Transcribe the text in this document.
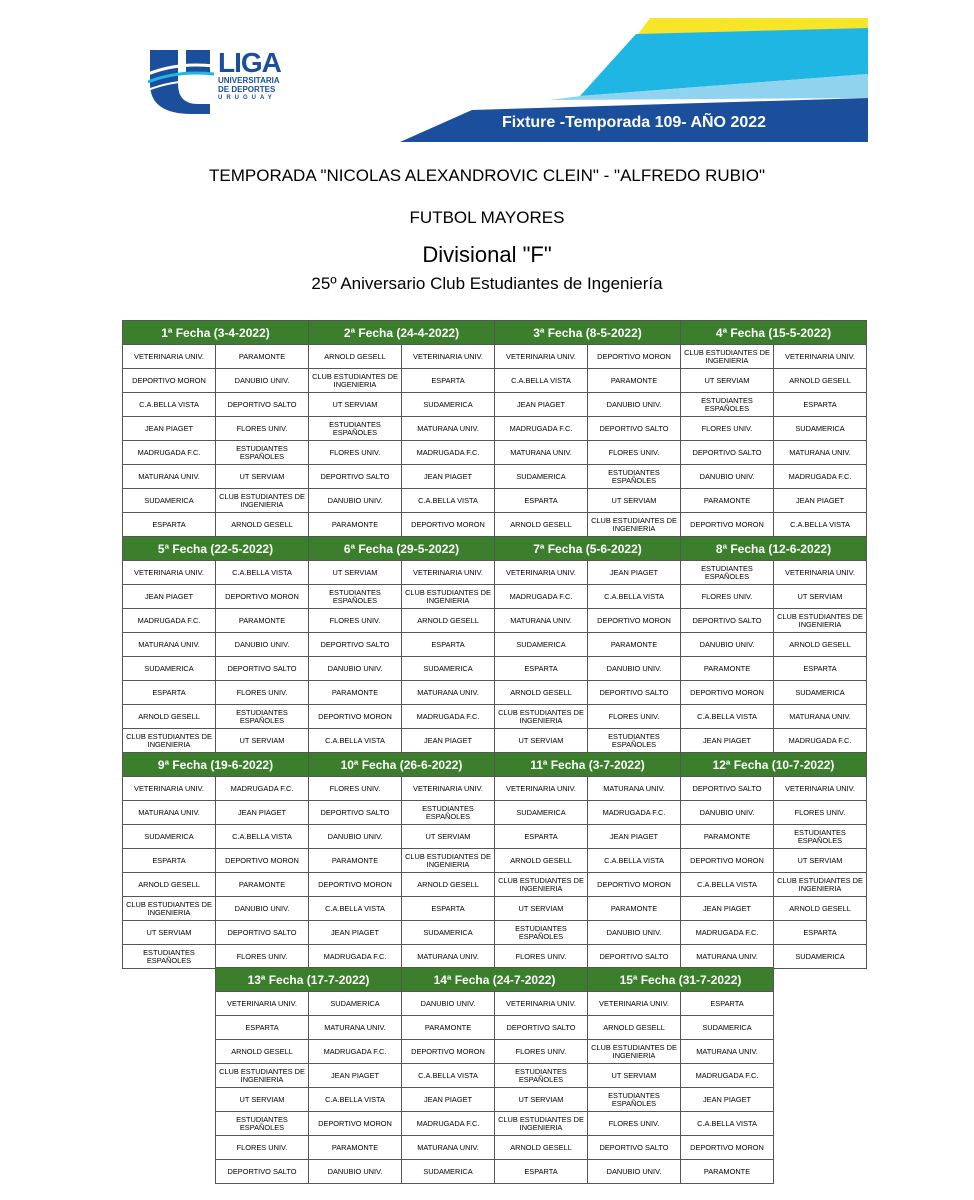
LIGA
UNIVERSITARIA
DE DEPORTES
URUGUAY
Fixture -Temporada 109- AÑO 2022
TEMPORADA "NICOLAS ALEXANDROVIC CLEIN" - "ALFREDO RUBIO"
FUTBOL MAYORES
Divisional "F"
25º Aniversario Club Estudiantes de Ingeniería
1ª Fecha (3-4-2022)	
VETERINARIA UNIV.	PARAMONTE
DEPORTIVO MORON	DANUBIO UNIV.
C.A.BELLA VISTA	DEPORTIVO SALTO
JEAN PIAGET	FLORES UNIV.
MADRUGADA F.C.	ESTUDIANTES ESPAÑOLES
MATURANA UNIV.	UT SERVIAM
SUDAMERICA	CLUB ESTUDIANTES DE INGENIERIA
ESPARTA	ARNOLD GESELL
2ª Fecha (24-4-2022)	
ARNOLD GESELL	VETERINARIA UNIV.
CLUB ESTUDIANTES DE INGENIERIA	ESPARTA
UT SERVIAM	SUDAMERICA
ESTUDIANTES ESPAÑOLES	MATURANA UNIV.
FLORES UNIV.	MADRUGADA F.C.
DEPORTIVO SALTO	JEAN PIAGET
DANUBIO UNIV.	C.A.BELLA VISTA
PARAMONTE	DEPORTIVO MORON
3ª Fecha (8-5-2022)	
VETERINARIA UNIV.	DEPORTIVO MORON
C.A.BELLA VISTA	PARAMONTE
JEAN PIAGET	DANUBIO UNIV.
MADRUGADA F.C.	DEPORTIVO SALTO
MATURANA UNIV.	FLORES UNIV.
SUDAMERICA	ESTUDIANTES ESPAÑOLES
ESPARTA	UT SERVIAM
ARNOLD GESELL	CLUB ESTUDIANTES DE INGENIERIA
4ª Fecha (15-5-2022)	
CLUB ESTUDIANTES DE INGENIERIA	VETERINARIA UNIV.
UT SERVIAM	ARNOLD GESELL
ESTUDIANTES ESPAÑOLES	ESPARTA
FLORES UNIV.	SUDAMERICA
DEPORTIVO SALTO	MATURANA UNIV.
DANUBIO UNIV.	MADRUGADA F.C.
PARAMONTE	JEAN PIAGET
DEPORTIVO MORON	C.A.BELLA VISTA
5ª Fecha (22-5-2022)	
VETERINARIA UNIV.	C.A.BELLA VISTA
JEAN PIAGET	DEPORTIVO MORON
MADRUGADA F.C.	PARAMONTE
MATURANA UNIV.	DANUBIO UNIV.
SUDAMERICA	DEPORTIVO SALTO
ESPARTA	FLORES UNIV.
ARNOLD GESELL	ESTUDIANTES ESPAÑOLES
CLUB ESTUDIANTES DE INGENIERIA	UT SERVIAM
6ª Fecha (29-5-2022)	
UT SERVIAM	VETERINARIA UNIV.
ESTUDIANTES ESPAÑOLES	CLUB ESTUDIANTES DE INGENIERIA
FLORES UNIV.	ARNOLD GESELL
DEPORTIVO SALTO	ESPARTA
DANUBIO UNIV.	SUDAMERICA
PARAMONTE	MATURANA UNIV.
DEPORTIVO MORON	MADRUGADA F.C.
C.A.BELLA VISTA	JEAN PIAGET
7ª Fecha (5-6-2022)	
VETERINARIA UNIV.	JEAN PIAGET
MADRUGADA F.C.	C.A.BELLA VISTA
MATURANA UNIV.	DEPORTIVO MORON
SUDAMERICA	PARAMONTE
ESPARTA	DANUBIO UNIV.
ARNOLD GESELL	DEPORTIVO SALTO
CLUB ESTUDIANTES DE INGENIERIA	FLORES UNIV.
UT SERVIAM	ESTUDIANTES ESPAÑOLES
8ª Fecha (12-6-2022)	
ESTUDIANTES ESPAÑOLES	VETERINARIA UNIV.
FLORES UNIV.	UT SERVIAM
DEPORTIVO SALTO	CLUB ESTUDIANTES DE INGENIERIA
DANUBIO UNIV.	ARNOLD GESELL
PARAMONTE	ESPARTA
DEPORTIVO MORON	SUDAMERICA
C.A.BELLA VISTA	MATURANA UNIV.
JEAN PIAGET	MADRUGADA F.C.
9ª Fecha (19-6-2022)	
VETERINARIA UNIV.	MADRUGADA F.C.
MATURANA UNIV.	JEAN PIAGET
SUDAMERICA	C.A.BELLA VISTA
ESPARTA	DEPORTIVO MORON
ARNOLD GESELL	PARAMONTE
CLUB ESTUDIANTES DE INGENIERIA	DANUBIO UNIV.
UT SERVIAM	DEPORTIVO SALTO
ESTUDIANTES ESPAÑOLES	FLORES UNIV.
10ª Fecha (26-6-2022)	
FLORES UNIV.	VETERINARIA UNIV.
DEPORTIVO SALTO	ESTUDIANTES ESPAÑOLES
DANUBIO UNIV.	UT SERVIAM
PARAMONTE	CLUB ESTUDIANTES DE INGENIERIA
DEPORTIVO MORON	ARNOLD GESELL
C.A.BELLA VISTA	ESPARTA
JEAN PIAGET	SUDAMERICA
MADRUGADA F.C.	MATURANA UNIV.
11ª Fecha (3-7-2022)	
VETERINARIA UNIV.	MATURANA UNIV.
SUDAMERICA	MADRUGADA F.C.
ESPARTA	JEAN PIAGET
ARNOLD GESELL	C.A.BELLA VISTA
CLUB ESTUDIANTES DE INGENIERIA	DEPORTIVO MORON
UT SERVIAM	PARAMONTE
ESTUDIANTES ESPAÑOLES	DANUBIO UNIV.
FLORES UNIV.	DEPORTIVO SALTO
12ª Fecha (10-7-2022)	
DEPORTIVO SALTO	VETERINARIA UNIV.
DANUBIO UNIV.	FLORES UNIV.
PARAMONTE	ESTUDIANTES ESPAÑOLES
DEPORTIVO MORON	UT SERVIAM
C.A.BELLA VISTA	CLUB ESTUDIANTES DE INGENIERIA
JEAN PIAGET	ARNOLD GESELL
MADRUGADA F.C.	ESPARTA
MATURANA UNIV.	SUDAMERICA
13ª Fecha (17-7-2022)	
VETERINARIA UNIV.	SUDAMERICA
ESPARTA	MATURANA UNIV.
ARNOLD GESELL	MADRUGADA F.C.
CLUB ESTUDIANTES DE INGENIERIA	JEAN PIAGET
UT SERVIAM	C.A.BELLA VISTA
ESTUDIANTES ESPAÑOLES	DEPORTIVO MORON
FLORES UNIV.	PARAMONTE
DEPORTIVO SALTO	DANUBIO UNIV.
14ª Fecha (24-7-2022)	
DANUBIO UNIV.	VETERINARIA UNIV.
PARAMONTE	DEPORTIVO SALTO
DEPORTIVO MORON	FLORES UNIV.
C.A.BELLA VISTA	ESTUDIANTES ESPAÑOLES
JEAN PIAGET	UT SERVIAM
MADRUGADA F.C.	CLUB ESTUDIANTES DE INGENIERIA
MATURANA UNIV.	ARNOLD GESELL
SUDAMERICA	ESPARTA
15ª Fecha (31-7-2022)	
VETERINARIA UNIV.	ESPARTA
ARNOLD GESELL	SUDAMERICA
CLUB ESTUDIANTES DE INGENIERIA	MATURANA UNIV.
UT SERVIAM	MADRUGADA F.C.
ESTUDIANTES ESPAÑOLES	JEAN PIAGET
FLORES UNIV.	C.A.BELLA VISTA
DEPORTIVO SALTO	DEPORTIVO MORON
DANUBIO UNIV.	PARAMONTE
